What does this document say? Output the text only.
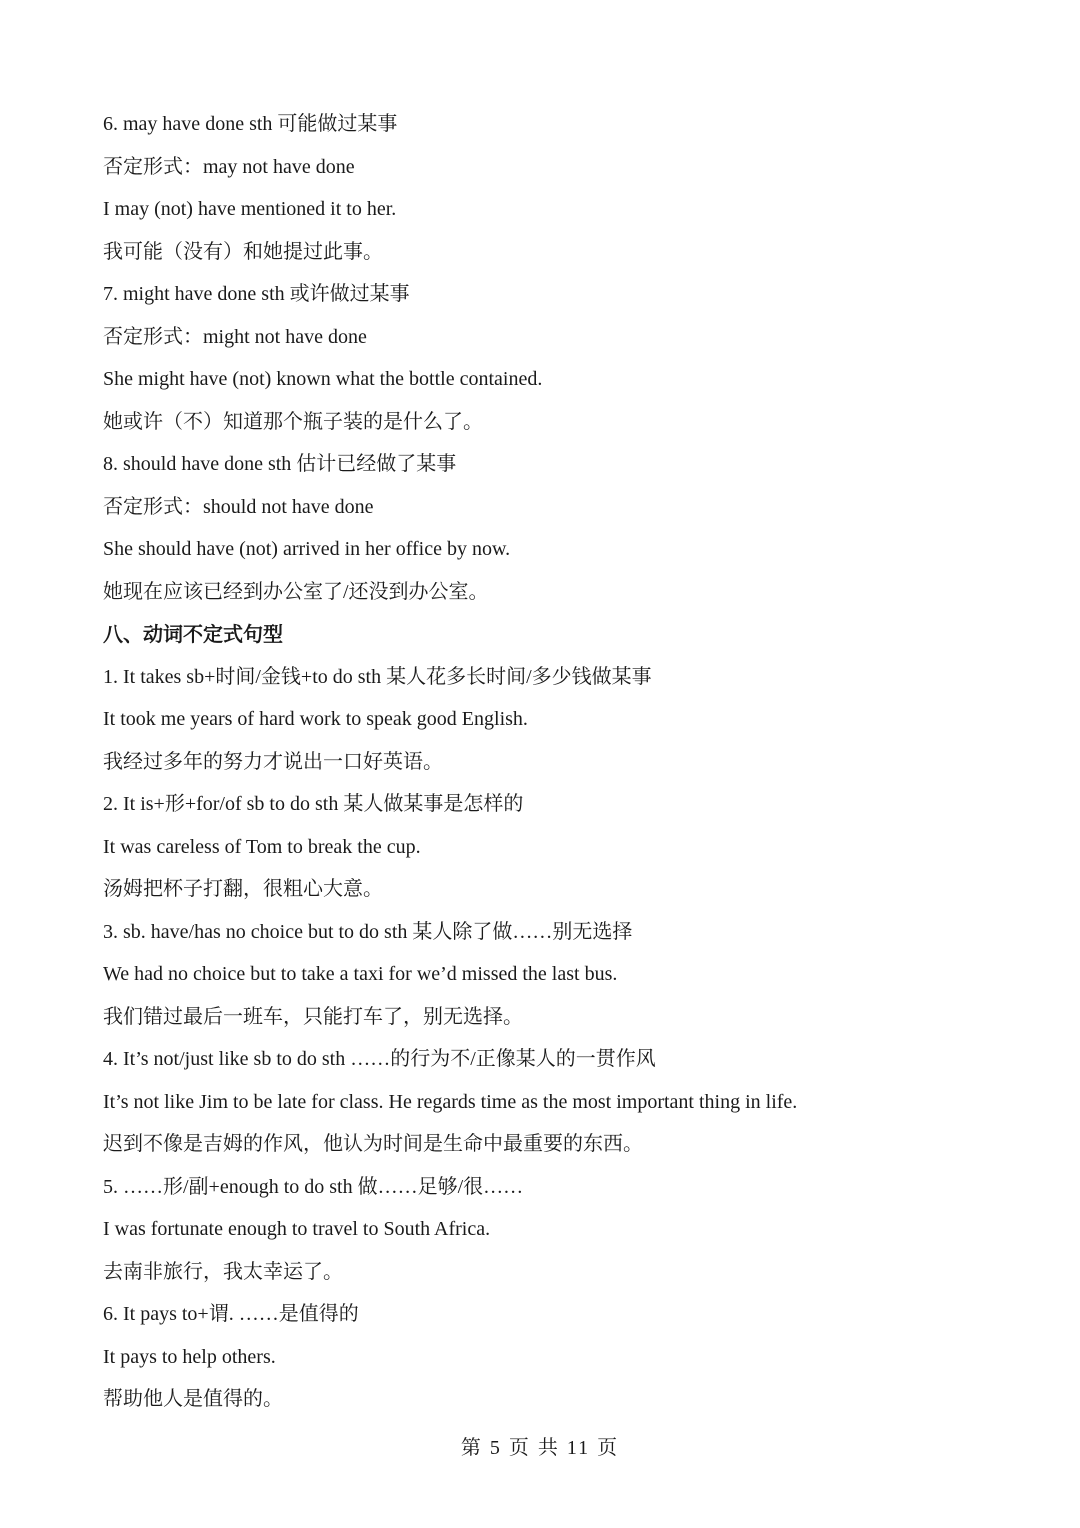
6. may have done sth 可能做过某事
否定形式：may not have done
I may (not) have mentioned it to her.
我可能（没有）和她提过此事。
7. might have done sth 或许做过某事
否定形式：might not have done
She might have (not) known what the bottle contained.
她或许（不）知道那个瓶子装的是什么了。
8. should have done sth 估计已经做了某事
否定形式：should not have done
She should have (not) arrived in her office by now.
她现在应该已经到办公室了/还没到办公室。
八、动词不定式句型
1. It takes sb+时间/金钱+to do sth 某人花多长时间/多少钱做某事
It took me years of hard work to speak good English.
我经过多年的努力才说出一口好英语。
2. It is+形+for/of sb to do sth 某人做某事是怎样的
It was careless of Tom to break the cup.
汤姆把杯子打翻，很粗心大意。
3. sb. have/has no choice but to do sth 某人除了做……别无选择
We had no choice but to take a taxi for we’d missed the last bus.
我们错过最后一班车，只能打车了，别无选择。
4. It’s not/just like sb to do sth ……的行为不/正像某人的一贯作风
It’s not like Jim to be late for class. He regards time as the most important thing in life.
迟到不像是吉姆的作风，他认为时间是生命中最重要的东西。
5. ……形/副+enough to do sth 做……足够/很……
I was fortunate enough to travel to South Africa.
去南非旅行，我太幸运了。
6. It pays to+谓. ……是值得的
It pays to help others.
帮助他人是值得的。
第 5 页 共 11 页
